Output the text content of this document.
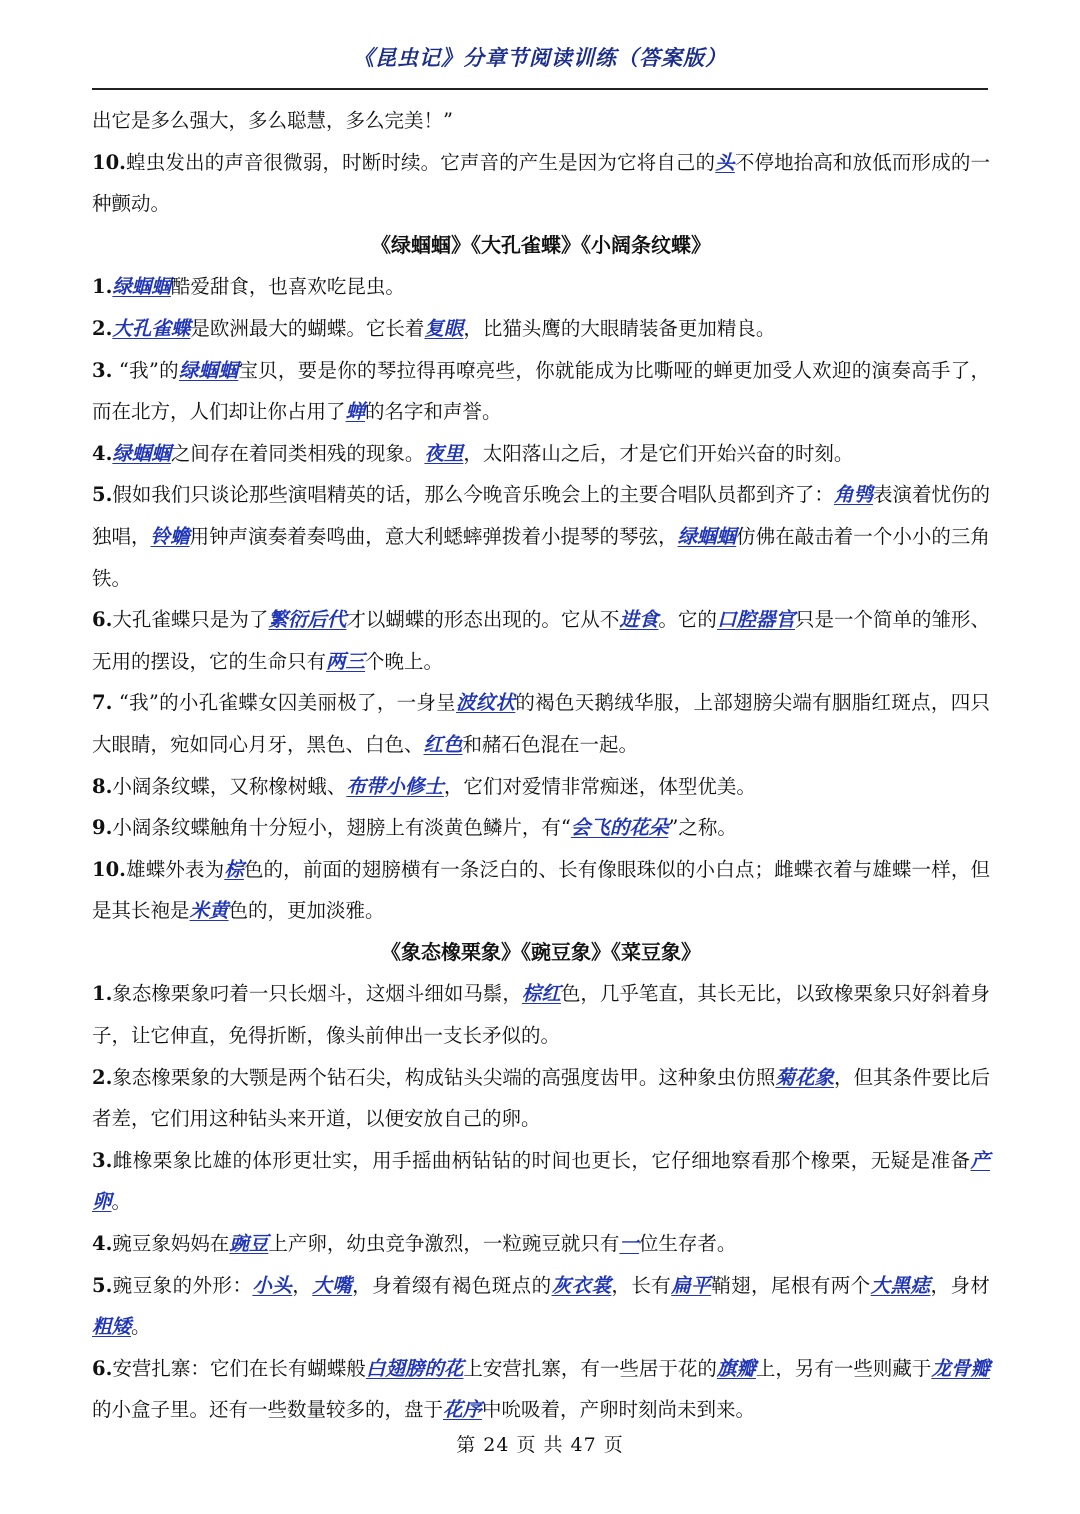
《昆虫记》分章节阅读训练（答案版）
出它是多么强大，多么聪慧，多么完美！”
10.蝗虫发出的声音很微弱，时断时续。它声音的产生是因为它将自己的头不停地抬高和放低而形成的一种颤动。
《绿蝈蝈》《大孔雀蝶》《小阔条纹蝶》
1.绿蝈蝈酷爱甜食，也喜欢吃昆虫。
2.大孔雀蝶是欧洲最大的蝴蝶。它长着复眼，比猫头鹰的大眼睛装备更加精良。
3. “我”的绿蝈蝈宝贝，要是你的琴拉得再嘹亮些，你就能成为比嘶哑的蝉更加受人欢迎的演奏高手了，而在北方，人们却让你占用了蝉的名字和声誉。
4.绿蝈蝈之间存在着同类相残的现象。夜里，太阳落山之后，才是它们开始兴奋的时刻。
5.假如我们只谈论那些演唱精英的话，那么今晚音乐晚会上的主要合唱队员都到齐了：角鸮表演着忧伤的独唱，铃蟾用钟声演奏着奏鸣曲，意大利蟋蟀弹拨着小提琴的琴弦，绿蝈蝈仿佛在敲击着一个小小的三角铁。
6.大孔雀蝶只是为了繁衍后代才以蝴蝶的形态出现的。它从不进食。它的口腔器官只是一个简单的雏形、无用的摆设，它的生命只有两三个晚上。
7. “我”的小孔雀蝶女囚美丽极了，一身呈波纹状的褐色天鹅绒华服，上部翅膀尖端有胭脂红斑点，四只大眼睛，宛如同心月牙，黑色、白色、红色和赭石色混在一起。
8.小阔条纹蝶，又称橡树蛾、布带小修士，它们对爱情非常痴迷，体型优美。
9.小阔条纹蝶触角十分短小，翅膀上有淡黄色鳞片，有“会飞的花朵”之称。
10.雄蝶外表为棕色的，前面的翅膀横有一条泛白的、长有像眼珠似的小白点；雌蝶衣着与雄蝶一样，但是其长袍是米黄色的，更加淡雅。
《象态橡栗象》《豌豆象》《菜豆象》
1.象态橡栗象叼着一只长烟斗，这烟斗细如马鬃，棕红色，几乎笔直，其长无比，以致橡栗象只好斜着身子，让它伸直，免得折断，像头前伸出一支长矛似的。
2.象态橡栗象的大颚是两个钻石尖，构成钻头尖端的高强度齿甲。这种象虫仿照菊花象，但其条件要比后者差，它们用这种钻头来开道，以便安放自己的卵。
3.雌橡栗象比雄的体形更壮实，用手摇曲柄钻钻的时间也更长，它仔细地察看那个橡栗，无疑是准备产卵。
4.豌豆象妈妈在豌豆上产卵，幼虫竞争激烈，一粒豌豆就只有一位生存者。
5.豌豆象的外形：小头，大嘴，身着缀有褐色斑点的灰衣裳，长有扁平鞘翅，尾根有两个大黑痣，身材粗矮。
6.安营扎寨：它们在长有蝴蝶般白翅膀的花上安营扎寨，有一些居于花的旗瓣上，另有一些则藏于龙骨瓣的小盒子里。还有一些数量较多的，盘于花序中吮吸着，产卵时刻尚未到来。
第 24 页 共 47 页
